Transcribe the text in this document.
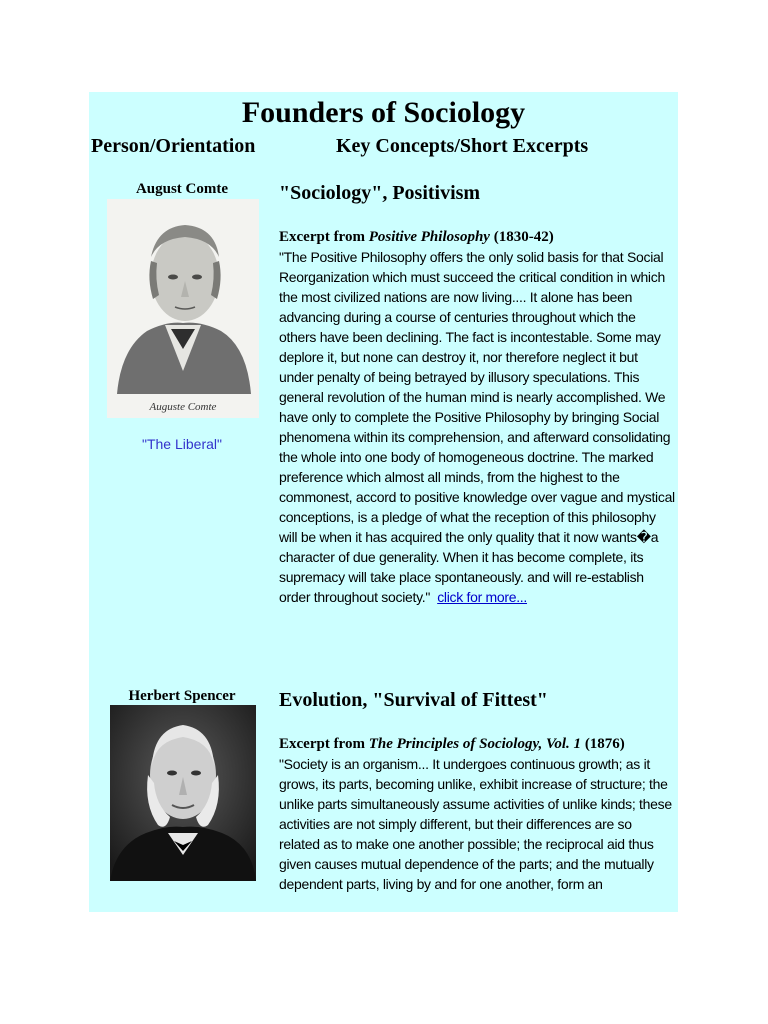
Founders of Sociology
Person/Orientation	Key Concepts/Short Excerpts
August Comte
Auguste Comte
"The Liberal"
"Sociology", Positivism
Excerpt from Positive Philosophy (1830-42)
"The Positive Philosophy offers the only solid basis for that Social Reorganization which must succeed the critical condition in which the most civilized nations are now living.... It alone has been advancing during a course of centuries throughout which the others have been declining. The fact is incontestable. Some may deplore it, but none can destroy it, nor therefore neglect it but under penalty of being betrayed by illusory speculations. This general revolution of the human mind is nearly accomplished. We have only to complete the Positive Philosophy by bringing Social phenomena within its comprehension, and afterward consolidating the whole into one body of homogeneous doctrine. The marked preference which almost all minds, from the highest to the commonest, accord to positive knowledge over vague and mystical conceptions, is a pledge of what the reception of this philosophy will be when it has acquired the only quality that it now wants�a character of due generality. When it has become complete, its supremacy will take place spontaneously. and will re-establish order throughout society." click for more...
Herbert Spencer	Evolution, "Survival of Fittest"
Excerpt from The Principles of Sociology, Vol. 1 (1876)
"Society is an organism... It undergoes continuous growth; as it grows, its parts, becoming unlike, exhibit increase of structure; the unlike parts simultaneously assume activities of unlike kinds; these activities are not simply different, but their differences are so related as to make one another possible; the reciprocal aid thus given causes mutual dependence of the parts; and the mutually dependent parts, living by and for one another, form an
